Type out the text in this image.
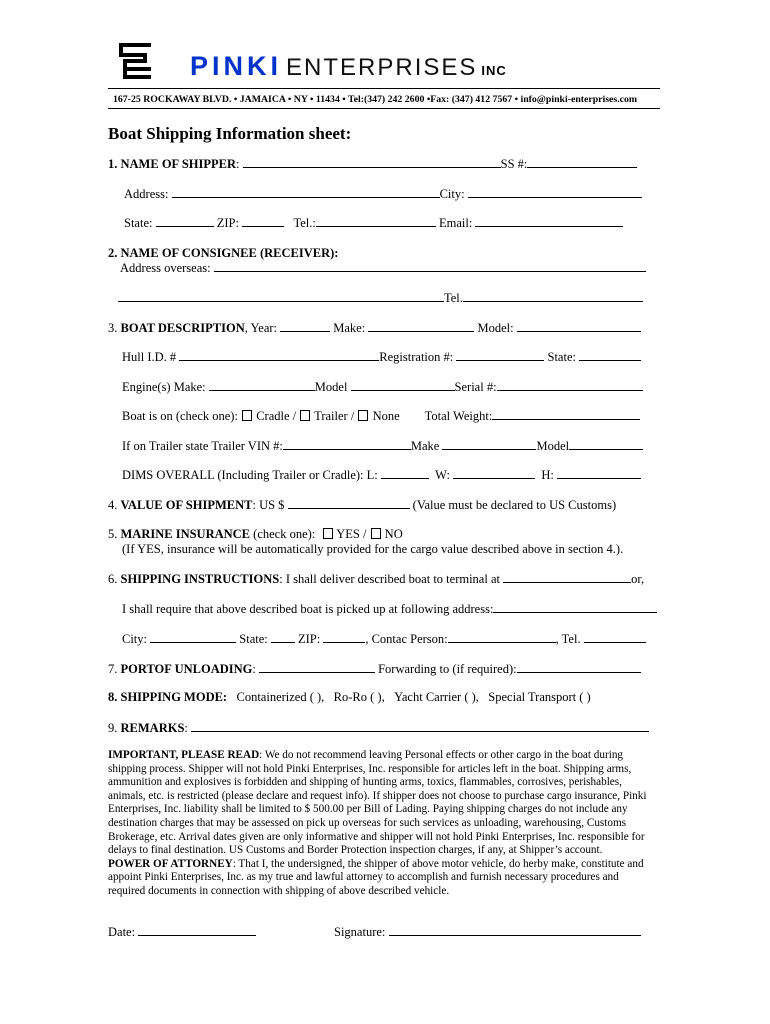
PINKI ENTERPRISES INC
167-25 ROCKAWAY BLVD. • JAMAICA • NY • 11434 • Tel:(347) 242 2600 •Fax: (347) 412 7567 • info@pinki-enterprises.com
Boat Shipping Information sheet:
1. NAME OF SHIPPER:	SS #:
Address:	City:
State:	ZIP:	Tel.:	Email:
2. NAME OF CONSIGNEE (RECEIVER):
Address overseas:
Tel.
3. BOAT DESCRIPTION, Year:	Make:	Model:
Hull I.D. #	Registration #:	State:
Engine(s) Make:	Model	Serial #:
Boat is on (check one): Cradle / Trailer / None Total Weight:
If on Trailer state Trailer VIN #:	Make	Model
DIMS OVERALL (Including Trailer or Cradle): L:	W:	H:
4. VALUE OF SHIPMENT: US $	(Value must be declared to US Customs)
5. MARINE INSURANCE (check one): YES / NO
(If YES, insurance will be automatically provided for the cargo value described above in section 4.).
6. SHIPPING INSTRUCTIONS: I shall deliver described boat to terminal at	or,
I shall require that above described boat is picked up at following address:
City:	State: ZIP:	, Contac Person:	, Tel.
7. PORTOF UNLOADING:	Forwarding to (if required):
8. SHIPPING MODE: Containerized ( ), Ro-Ro ( ), Yacht Carrier ( ), Special Transport ( )
9. REMARKS:
IMPORTANT, PLEASE READ: We do not recommend leaving Personal effects or other cargo in the boat during shipping process. Shipper will not hold Pinki Enterprises, Inc. responsible for articles left in the boat. Shipping arms, ammunition and explosives is forbidden and shipping of hunting arms, toxics, flammables, corrosives, perishables, animals, etc. is restricted (please declare and request info). If shipper does not choose to purchase cargo insurance, Pinki Enterprises, Inc. liability shall be limited to $ 500.00 per Bill of Lading. Paying shipping charges do not include any destination charges that may be assessed on pick up overseas for such services as unloading, warehousing, Customs Brokerage, etc. Arrival dates given are only informative and shipper will not hold Pinki Enterprises, Inc. responsible for delays to final destination. US Customs and Border Protection inspection charges, if any, at Shipper’s account.
POWER OF ATTORNEY: That I, the undersigned, the shipper of above motor vehicle, do herby make, constitute and appoint Pinki Enterprises, Inc. as my true and lawful attorney to accomplish and furnish necessary procedures and required documents in connection with shipping of above described vehicle.
Date:	Signature:
